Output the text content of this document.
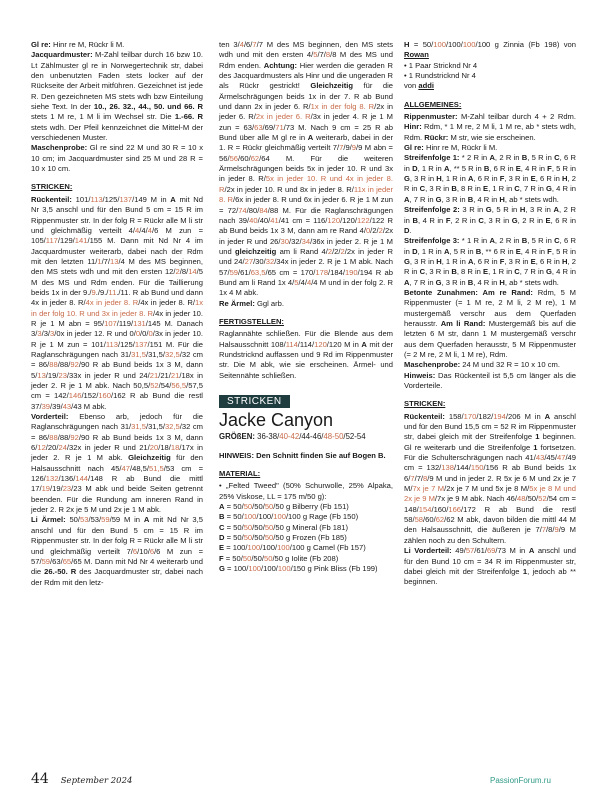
Gl re: Hinr re M, Rückr li M.

Jacquardmuster: M-Zahl teilbar durch 16 bzw 10. Lt Zählmuster gl re in Norwegertechnik str, dabei den unbenutzten Faden stets locker auf der Rückseite der Arbeit mitführen. Gezeichnet ist jede R. Den gezeichneten MS stets wdh bzw Einteilung siehe Text. In der 10., 26. 32., 44., 50. und 66. R stets 1 M re, 1 M li im Wechsel str. Die 1.-66. R stets wdh. Der Pfeil kennzeichnet die Mittel-M der verschiedenen Muster.

Maschenprobe: Gl re sind 22 M und 30 R = 10 x 10 cm; im Jacquardmuster sind 25 M und 28 R = 10 x 10 cm.

STRICKEN:

Rückenteil: 101/113/125/137/149 M in A mit Nd Nr 3,5 anschl und für den Bund 5 cm = 15 R im Rippenmuster str. In der folg R = Rückr alle M li str und gleichmäßig verteilt 4/4/4/4/6 M zun = 105/117/129/141/155 M. Dann mit Nd Nr 4 im Jacquardmuster weiterarb, dabei nach der Rdm mit den letzten 11/1/7/13/4 M des MS beginnen, den MS stets wdh und mit den ersten 12/2/8/14/5 M des MS und Rdm enden. Für die Taillierung beids 1x in der 9./9./9./11./11. R ab Bund und dann 4x in jeder 8. R/4x in jeder 8. R/4x in jeder 8. R/1x in der folg 10. R und 3x in jeder 8. R/4x in jeder 10. R je 1 M abn = 95/107/119/131/145 M. Danach 3/3/3/3/0x in jeder 12. R und 0/0/0/0/3x in jeder 10. R je 1 M zun = 101/113/125/137/151 M. Für die Raglanschrägungen nach 31/31,5/31,5/32,5/32 cm = 86/88/88/92/90 R ab Bund beids 1x 3 M, dann 5/13/19/23/33x in jeder R und 24/21/21/21/18x in jeder 2. R je 1 M abk. Nach 50,5/52/54/56,5/57,5 cm = 142/146/152/160/162 R ab Bund die restl 37/39/39/43/43 M abk.

Vorderteil: Ebenso arb, jedoch für die Raglanschrägungen nach 31/31,5/31,5/32,5/32 cm = 86/88/88/92/90 R ab Bund beids 1x 3 M, dann 6/12/20/24/32x in jeder R und 21/20/18/18/17x in jeder 2. R je 1 M abk. Gleichzeitig für den Halsausschnitt nach 45/47/48,5/51,5/53 cm = 126/132/136/144/148 R ab Bund die mittl 17/19/19/23/23 M abk und beide Seiten getrennt beenden. Für die Rundung am inneren Rand in jeder 2. R 2x je 5 M und 2x je 1 M abk.

Li Ärmel: 50/53/53/59/59 M in A mit Nd Nr 3,5 anschl und für den Bund 5 cm = 15 R im Rippenmuster str. In der folg R = Rückr alle M li str und gleichmäßig verteilt 7/6/10/6/6 M zun = 57/59/63/65/65 M. Dann mit Nd Nr 4 weiterarb und die 26.-50. R des Jacquardmuster str, dabei nach der Rdm mit den letz-

ten 3/4/6/7/7 M des MS beginnen, den MS stets wdh und mit den ersten 4/5/7/8/8 M des MS und Rdm enden. Achtung: Hier werden die geraden R des Jacquardmusters als Hinr und die ungeraden R als Rückr gestrickt! Gleichzeitig für die Ärmelschrägungen beids 1x in der 7. R ab Bund und dann 2x in jeder 6. R/1x in der folg 8. R/2x in jeder 6. R/2x in jeder 6. R/3x in jeder 4. R je 1 M zun = 63/63/69/71/73 M. Nach 9 cm = 25 R ab Bund über alle M gl re in A weiterarb, dabei in der 1. R = Rückr gleichmäßig verteilt 7/7/9/9/9 M abn = 56/56/60/62/64 M. Für die weiteren Ärmelschrägungen beids 5x in jeder 10. R und 3x in jeder 8. R/5x in jeder 10. R und 4x in jeder 8. R/2x in jeder 10. R und 8x in jeder 8. R/11x in jeder 8. R/6x in jeder 8. R und 6x in jeder 6. R je 1 M zun = 72/74/80/84/88 M. Für die Raglanschrägungen nach 39/40/40/41/41 cm = 116/120/120/122/122 R ab Bund beids 1x 3 M, dann am re Rand 4/0/2/2/2x in jeder R und 26/30/32/34/36x in jeder 2. R je 1 M und gleichzeitig am li Rand 4/2/2/2/2x in jeder R und 24/27/30/32/34x in jeder 2. R je 1 M abk. Nach 57/59/61/63,5/65 cm = 170/178/184/190/194 R ab Bund am li Rand 1x 4/5/4/4/4 M und in der folg 2. R 1x 4 M abk.

Re Ärmel: Ggl arb.

FERTIGSTELLEN:

Raglannähte schließen. Für die Blende aus dem Halsausschnitt 108/114/114/120/120 M in A mit der Rundstricknd auffassen und 9 Rd im Rippenmuster str. Die M abk, wie sie erscheinen. Ärmel- und Seitennähte schließen.

STRICKEN
Jacke Canyon

GRÖßEN: 36-38/40-42/44-46/48-50/52-54

HINWEIS: Den Schnitt finden Sie auf Bogen B.

MATERIAL:
• „Felted Tweed" (50% Schurwolle, 25% Alpaka, 25% Viskose, LL = 175 m/50 g):
A = 50/50/50/50/50 g Bilberry (Fb 151)
B = 50/100/100/100/100 g Rage (Fb 150)
C = 50/50/50/50/50 g Mineral (Fb 181)
D = 50/50/50/50/50 g Frozen (Fb 185)
E = 100/100/100/100/100 g Camel (Fb 157)
F = 50/50/50/50/50 g Iolite (Fb 208)
G = 100/100/100/100/150 g Pink Bliss (Fb 199)

H = 50/100/100/100/100 g Zinnia (Fb 198) von Rowan

• 1 Paar Stricknd Nr 4

• 1 Rundstricknd Nr 4

von addi

ALLGEMEINES:

Rippenmuster: M-Zahl teilbar durch 4 + 2 Rdm. Hinr: Rdm, * 1 M re, 2 M li, 1 M re, ab * stets wdh, Rdm. Rückr: M str, wie sie erscheinen.

Gl re: Hinr re M, Rückr li M.

Streifenfolge 1: * 2 R in A, 2 R in B, 5 R in C, 6 R in D, 1 R in A, ** 5 R in B, 6 R in E, 4 R in F, 5 R in G, 3 R in H, 1 R in A, 6 R in F, 3 R in E, 6 R in H, 2 R in C, 3 R in B, 8 R in E, 1 R in C, 7 R in G, 4 R in A, 7 R in G, 3 R in B, 4 R in H, ab * stets wdh.

Streifenfolge 2: 3 R in G, 5 R in H, 3 R in A, 2 R in B, 4 R in F, 2 R in C, 3 R in G, 2 R in E, 6 R in D.

Streifenfolge 3: * 1 R in A, 2 R in B, 5 R in C, 6 R in D, 1 R in A, 5 R in B, ** 6 R in E, 4 R in F, 5 R in G, 3 R in H, 1 R in A, 6 R in F, 3 R in E, 6 R in H, 2 R in C, 3 R in B, 8 R in E, 1 R in C, 7 R in G, 4 R in A, 7 R in G, 3 R in B, 4 R in H, ab * stets wdh.

Betonte Zunahmen: Am re Rand: Rdm, 5 M Rippenmuster (= 1 M re, 2 M li, 2 M re), 1 M mustergemäß verschr aus dem Querfaden herausstr. Am li Rand: Mustergemäß bis auf die letzten 6 M str, dann 1 M mustergemäß verschr aus dem Querfaden herausstr, 5 M Rippenmuster (= 2 M re, 2 M li, 1 M re), Rdm.

Maschenprobe: 24 M und 32 R = 10 x 10 cm.

Hinweis: Das Rückenteil ist 5,5 cm länger als die Vorderteile.

STRICKEN:

Rückenteil: 158/170/182/194/206 M in A anschl und für den Bund 15,5 cm = 52 R im Rippenmuster str, dabei gleich mit der Streifenfolge 1 beginnen. Gl re weiterarb und die Streifenfolge 1 fortsetzen. Für die Schulterschrägungen nach 41/43/45/47/49 cm = 132/138/144/150/156 R ab Bund beids 1x 6/7/7/8/9 M und in jeder 2. R 5x je 6 M und 2x je 7 M/7x je 7 M/2x je 7 M und 5x je 8 M/5x je 8 M und 2x je 9 M/7x je 9 M abk. Nach 46/48/50/52/54 cm = 148/154/160/166/172 R ab Bund die restl 58/58/60/62/62 M abk, davon bilden die mittl 44 M den Halsausschnitt, die äußeren je 7/7/8/9/9 M zählen noch zu den Schultern.

Li Vorderteil: 49/57/61/69/73 M in A anschl und für den Bund 10 cm = 34 R im Rippenmuster str, dabei gleich mit der Streifenfolge 1, jedoch ab ** beginnen.

44 September 2024	PassionForum.ru
